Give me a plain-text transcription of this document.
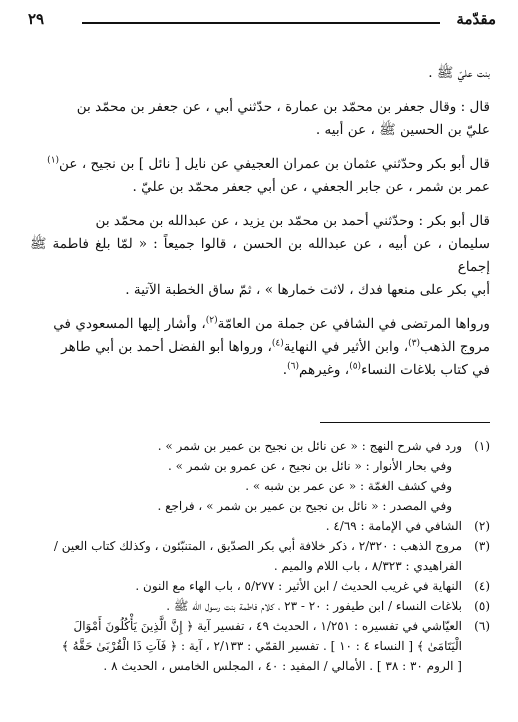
مقدّمة
٢٩

بنت عليّ ﷺ .

قال : وقال جعفر بن محمّد بن عمارة ، حدّثني أبي ، عن جعفر بن محمّد بن
عليّ بن الحسين ﷺ ، عن أبيه .

قال أبو بكر وحدّثني عثمان بن عمران العجيفي عن نايل [ نائل ] بن نجيح ، عن$^{(١)}$
عمر بن شمر ، عن جابر الجعفي ، عن أبي جعفر محمّد بن عليّ .

قال أبو بكر : وحدّثني أحمد بن محمّد بن يزيد ، عن عبدالله بن محمّد بن
سليمان ، عن أبيه ، عن عبدالله بن الحسن ، قالوا جميعاً : « لمّا بلغ فاطمة ﷺ إجماع
أبي بكر على منعها فدك ، لاثت خمارها » ، ثمّ ساق الخطبة الآتية .

ورواها المرتضى في الشافي عن جملة من العامّة$^{(٢)}$، وأشار إليها المسعودي في
مروج الذهب$^{(٣)}$، وابن الأثير في النهاية$^{(٤)}$، ورواها أبو الفضل أحمد بن أبي طاهر
في كتاب بلاغات النساء$^{(٥)}$، وغيرهم$^{(٦)}$.

(١)
ورد في شرح النهج : « عن نائل بن نجيح بن عمير بن شمر » .
وفي بحار الأنوار : « نائل بن نجيح ، عن عمرو بن شمر » .
وفي كشف الغمّة : « عن عمر بن شبه » .
وفي المصدر : « نائل بن نجيح بن عمير بن شمر » ، فراجع .
(٢)
الشافي في الإمامة : ٤/٦٩ .
(٣)
مروج الذهب : ٢/٣٢٠ ، ذكر خلافة أبي بكر الصدّيق ، المتنبّئون ، وكذلك كتاب العين /
الفراهيدي : ٨/٣٢٣ ، باب اللام والميم .
(٤)
النهاية في غريب الحديث / ابن الأثير : ٥/٢٧٧ ، باب الهاء مع النون .
(٥)
بلاغات النساء / ابن طيفور : ٢٠ - ٢٣ ، كلام فاطمة بنت رسول الله ﷺ .
(٦)
العيّاشي في تفسيره : ١/٢٥١ ، الحديث ٤٩ ، تفسير آية ﴿ إِنَّ الَّذِينَ يَأْكُلُونَ أَمْوَالَ
الْيَتَامَىٰ ﴾ [ النساء ٤ : ١٠ ] . تفسير القمّي : ٢/١٣٣ ، آية : ﴿ فَآتِ ذَا الْقُرْبَىٰ حَقَّهُ ﴾
[ الروم ٣٠ : ٣٨ ] . الأمالي / المفيد : ٤٠ ، المجلس الخامس ، الحديث ٨ .
